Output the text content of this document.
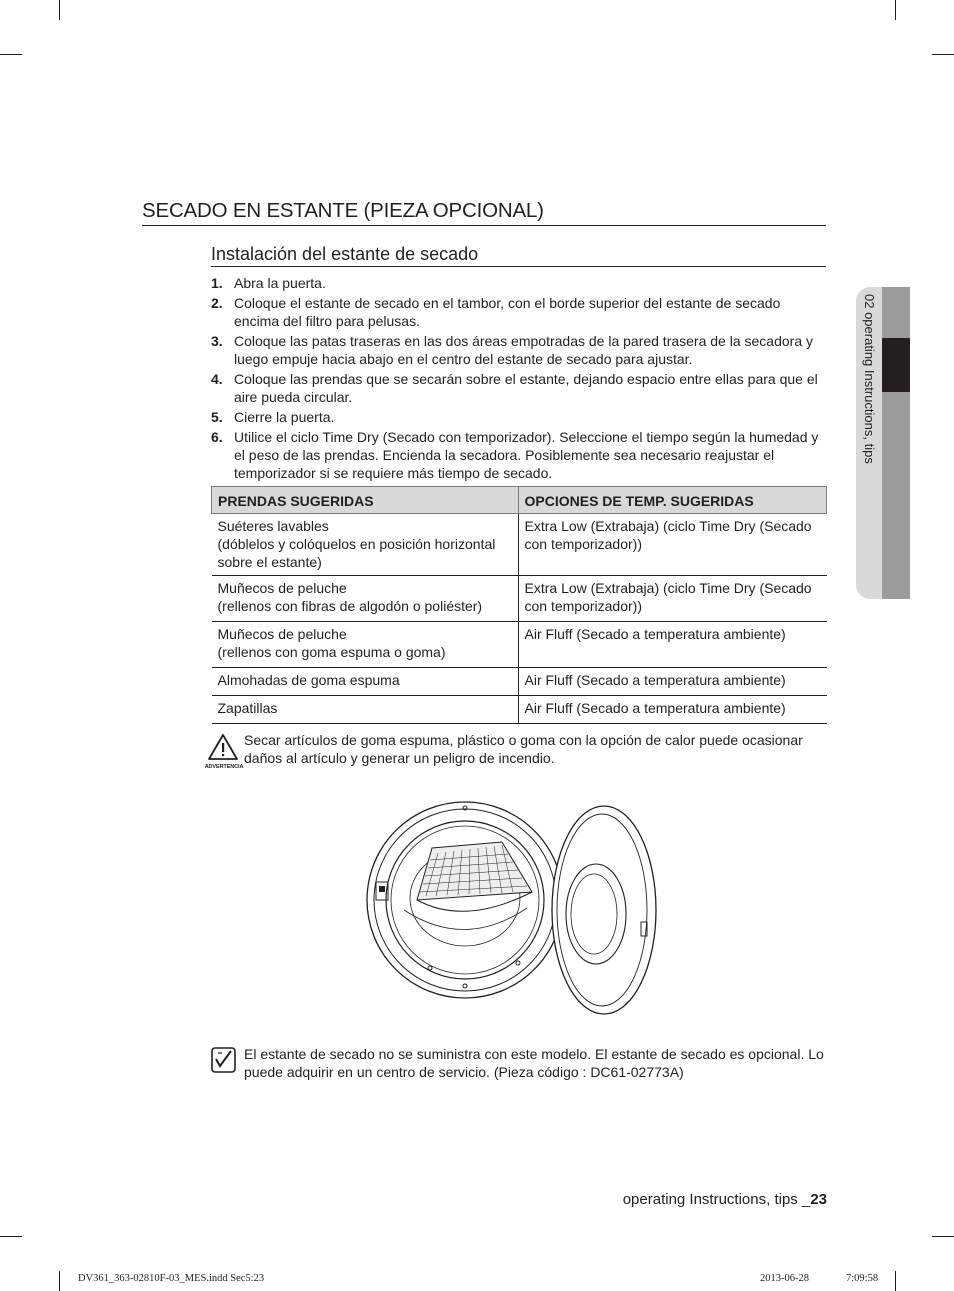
SECADO EN ESTANTE (PIEZA OPCIONAL)
Instalación del estante de secado
1. Abra la puerta.
2. Coloque el estante de secado en el tambor, con el borde superior del estante de secado encima del filtro para pelusas.
3. Coloque las patas traseras en las dos áreas empotradas de la pared trasera de la secadora y luego empuje hacia abajo en el centro del estante de secado para ajustar.
4. Coloque las prendas que se secarán sobre el estante, dejando espacio entre ellas para que el aire pueda circular.
5. Cierre la puerta.
6. Utilice el ciclo Time Dry (Secado con temporizador). Seleccione el tiempo según la humedad y el peso de las prendas. Encienda la secadora. Posiblemente sea necesario reajustar el temporizador si se requiere más tiempo de secado.
PRENDAS SUGERIDAS	OPCIONES DE TEMP. SUGERIDAS

Suéteres lavables
(dóblelos y colóquelos en posición horizontal sobre el estante)	Extra Low (Extrabaja) (ciclo Time Dry (Secado con temporizador))

Muñecos de peluche
(rellenos con fibras de algodón o poliéster)	Extra Low (Extrabaja) (ciclo Time Dry (Secado con temporizador))

Muñecos de peluche
(rellenos con goma espuma o goma)	Air Fluff (Secado a temperatura ambiente)
Almohadas de goma espuma	Air Fluff (Secado a temperatura ambiente)
Zapatillas	Air Fluff (Secado a temperatura ambiente)
ADVERTENCIA
Secar artículos de goma espuma, plástico o goma con la opción de calor puede ocasionar daños al artículo y generar un peligro de incendio.
El estante de secado no se suministra con este modelo. El estante de secado es opcional. Lo puede adquirir en un centro de servicio. (Pieza código : DC61-02773A)
02 operating Instructions, tips
operating Instructions, tips _23
DV361_363-02810F-03_MES.indd Sec5:23	2013-06-28	7:09:58
